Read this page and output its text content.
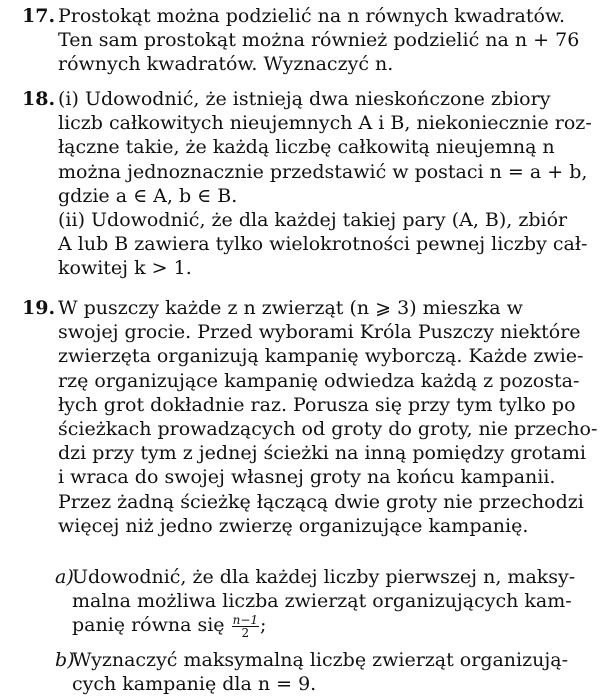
17. Prostokąt można podzielić na n równych kwadratów.
Ten sam prostokąt można również podzielić na n + 76
równych kwadratów. Wyznaczyć n.
18. (i) Udowodnić, że istnieją dwa nieskończone zbiory
liczb całkowitych nieujemnych A i B, niekoniecznie roz-
łączne takie, że każdą liczbę całkowitą nieujemną n
można jednoznacznie przedstawić w postaci n = a + b,
gdzie a ∈ A, b ∈ B.
(ii) Udowodnić, że dla każdej takiej pary (A, B), zbiór
A lub B zawiera tylko wielokrotności pewnej liczby cał-
kowitej k > 1.
19. W puszczy każde z n zwierząt (n ⩾ 3) mieszka w
swojej grocie. Przed wyborami Króla Puszczy niektóre
zwierzęta organizują kampanię wyborczą. Każde zwie-
rzę organizujące kampanię odwiedza każdą z pozosta-
łych grot dokładnie raz. Porusza się przy tym tylko po
ścieżkach prowadzących od groty do groty, nie przecho-
dzi przy tym z jednej ścieżki na inną pomiędzy grotami
i wraca do swojej własnej groty na końcu kampanii.
Przez żadną ścieżkę łączącą dwie groty nie przechodzi
więcej niż jedno zwierzę organizujące kampanię.
a)
Udowodnić, że dla każdej liczby pierwszej n, maksy-
malna możliwa liczba zwierząt organizujących kam-
panię równa się $\frac{n-1}{2}$ ;
b)
Wyznaczyć maksymalną liczbę zwierząt organizują-
cych kampanię dla n = 9.
